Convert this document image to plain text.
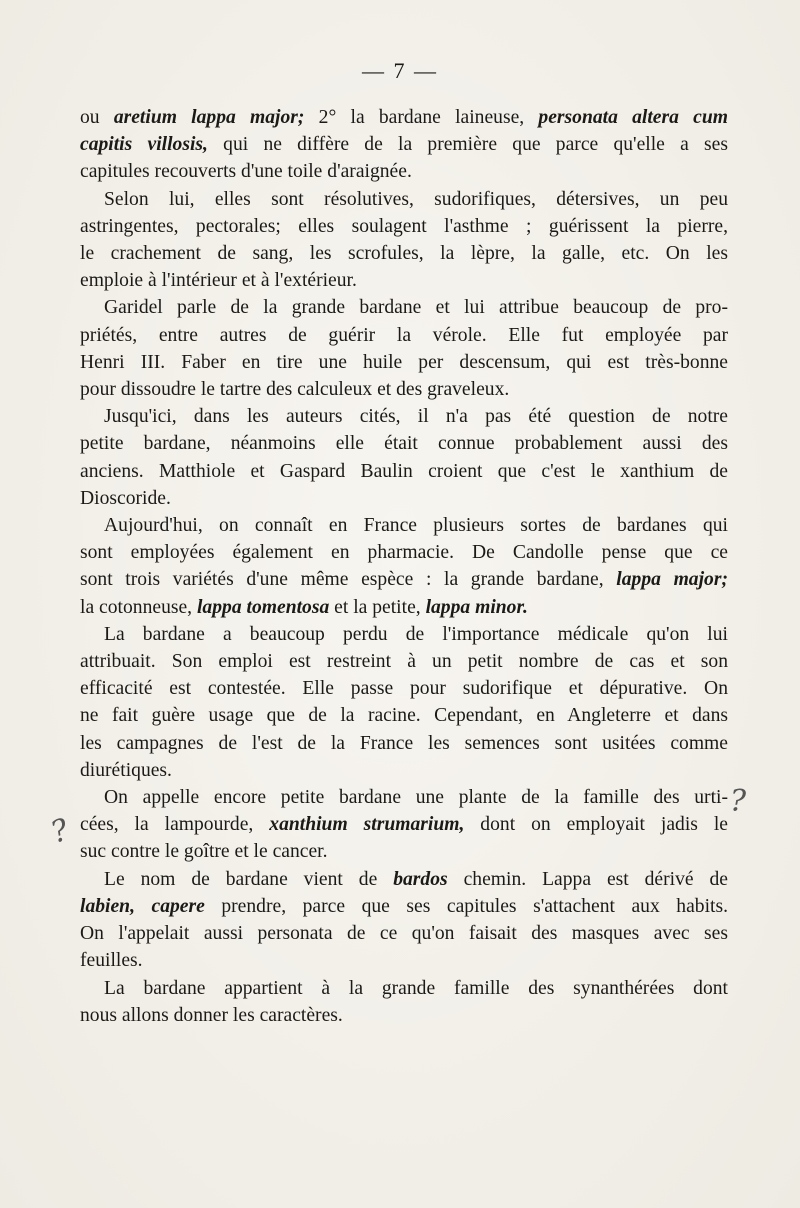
— 7 —
ou aretium lappa major; 2° la bardane laineuse, personata altera cum
capitis villosis, qui ne diffère de la première que parce qu'elle a ses
capitules recouverts d'une toile d'araignée.
Selon lui, elles sont résolutives, sudorifiques, détersives, un peu
astringentes, pectorales; elles soulagent l'asthme ; guérissent la pierre,
le crachement de sang, les scrofules, la lèpre, la galle, etc. On les
emploie à l'intérieur et à l'extérieur.
Garidel parle de la grande bardane et lui attribue beaucoup de pro-
priétés, entre autres de guérir la vérole. Elle fut employée par
Henri III. Faber en tire une huile per descensum, qui est très-bonne
pour dissoudre le tartre des calculeux et des graveleux.
Jusqu'ici, dans les auteurs cités, il n'a pas été question de notre
petite bardane, néanmoins elle était connue probablement aussi des
anciens. Matthiole et Gaspard Baulin croient que c'est le xanthium de
Dioscoride.
Aujourd'hui, on connaît en France plusieurs sortes de bardanes qui
sont employées également en pharmacie. De Candolle pense que ce
sont trois variétés d'une même espèce : la grande bardane, lappa major;
la cotonneuse, lappa tomentosa et la petite, lappa minor.
La bardane a beaucoup perdu de l'importance médicale qu'on lui
attribuait. Son emploi est restreint à un petit nombre de cas et son
efficacité est contestée. Elle passe pour sudorifique et dépurative. On
ne fait guère usage que de la racine. Cependant, en Angleterre et dans
les campagnes de l'est de la France les semences sont usitées comme
diurétiques.
On appelle encore petite bardane une plante de la famille des urti-
cées, la lampourde, xanthium strumarium, dont on employait jadis le
suc contre le goître et le cancer.
Le nom de bardane vient de bardos chemin. Lappa est dérivé de
labien, capere prendre, parce que ses capitules s'attachent aux habits.
On l'appelait aussi personata de ce qu'on faisait des masques avec ses
feuilles.
La bardane appartient à la grande famille des synanthérées dont
nous allons donner les caractères.
?
?
